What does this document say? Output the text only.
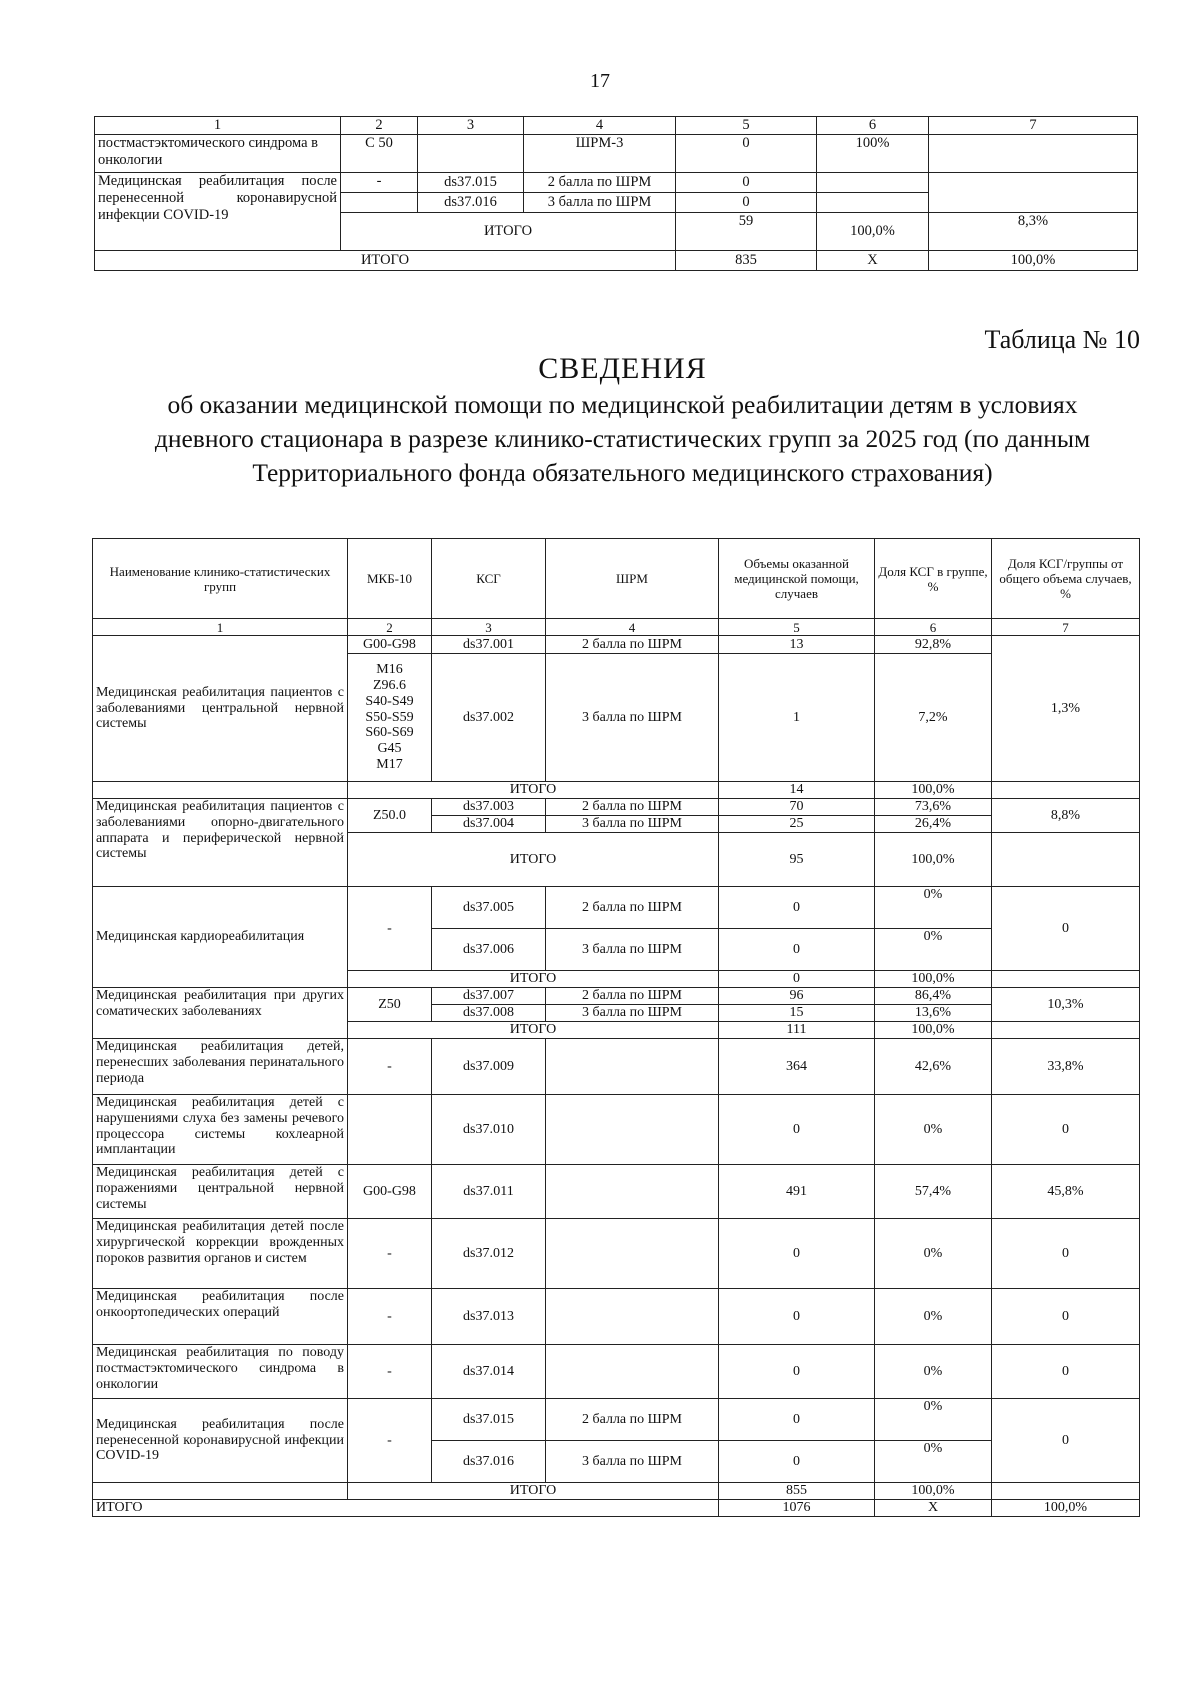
17
1	2	3	4	5	6	7
постмастэктомического синдрома в онкологии	С 50		ШРМ-3	0	100%	
Медицинская реабилитация после перенесенной коронавирусной инфекции COVID-19	-	ds37.015	2 балла по ШРМ	0		
		ds37.016	3 балла по ШРМ	0		
	ИТОГО			59	100,0%	8,3%
ИТОГО				835	Х	100,0%
Таблица № 10
СВЕДЕНИЯ
об оказании медицинской помощи по медицинской реабилитации детям в условиях дневного стационара в разрезе клинико-статистических групп за 2025 год (по данным Территориального фонда обязательного медицинского страхования)
Наименование клинико-статистических групп	МКБ-10	КСГ	ШРМ	Объемы оказанной медицинской помощи, случаев	Доля КСГ в группе, %	Доля КСГ/группы от общего объема случаев, %
1	2	3	4	5	6	7
Медицинская реабилитация пациентов с заболеваниями центральной нервной системы	G00-G98	ds37.001	2 балла по ШРМ	13	92,8%	1,3%
	M16 Z96.6 S40-S49 S50-S59 S60-S69 G45 M17	ds37.002	3 балла по ШРМ	1	7,2%	
	ИТОГО			14	100,0%	
Медицинская реабилитация пациентов с заболеваниями опорно-двигательного аппарата и периферической нервной системы	Z50.0	ds37.003	2 балла по ШРМ	70	73,6%	8,8%
		ds37.004	3 балла по ШРМ	25	26,4%	
	ИТОГО			95	100,0%	
Медицинская кардиореабилитация	-	ds37.005	2 балла по ШРМ	0	0%	0
		ds37.006	3 балла по ШРМ	0	0%	
	ИТОГО			0	100,0%	
Медицинская реабилитация при других соматических заболеваниях	Z50	ds37.007	2 балла по ШРМ	96	86,4%	10,3%
		ds37.008	3 балла по ШРМ	15	13,6%	
	ИТОГО			111	100,0%	
Медицинская реабилитация детей, перенесших заболевания перинатального периода	-	ds37.009		364	42,6%	33,8%
Медицинская реабилитация детей с нарушениями слуха без замены речевого процессора системы кохлеарной имплантации		ds37.010		0	0%	0
Медицинская реабилитация детей с поражениями центральной нервной системы	G00-G98	ds37.011		491	57,4%	45,8%
Медицинская реабилитация детей после хирургической коррекции врожденных пороков развития органов и систем	-	ds37.012		0	0%	0
Медицинская реабилитация после онкоортопедических операций	-	ds37.013		0	0%	0
Медицинская реабилитация по поводу постмастэктомического синдрома в онкологии	-	ds37.014		0	0%	0
Медицинская реабилитация после перенесенной коронавирусной инфекции COVID-19	-	ds37.015	2 балла по ШРМ	0	0%	0
		ds37.016	3 балла по ШРМ	0	0%	
	ИТОГО			855	100,0%	
ИТОГО				1076	Х	100,0%
